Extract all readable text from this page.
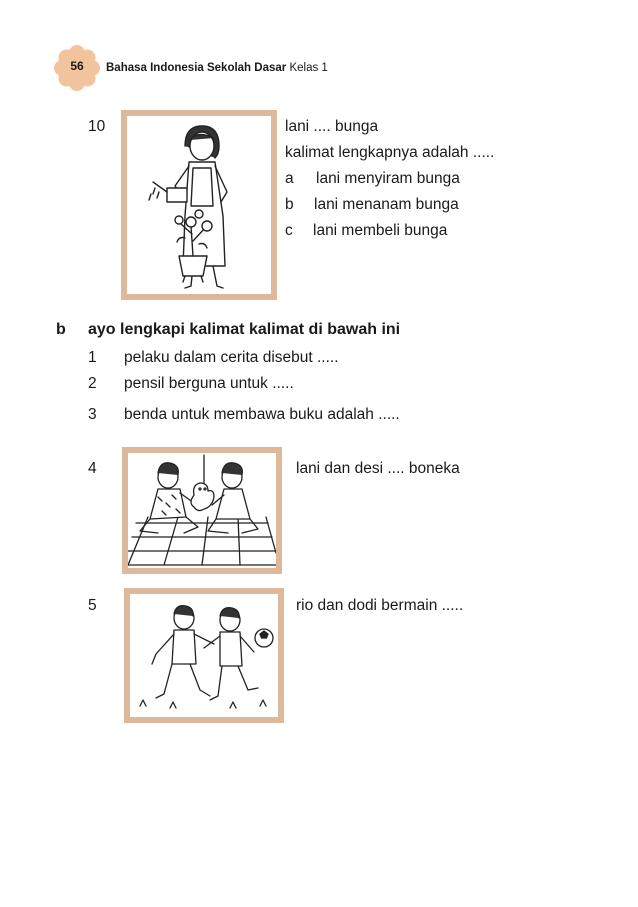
56	Bahasa Indonesia Sekolah Dasar Kelas 1
10	lani .... bunga
kalimat lengkapnya adalah .....
a lani menyiram bunga
b lani menanam bunga
c lani membeli bunga
b ayo lengkapi kalimat kalimat di bawah ini
1 pelaku dalam cerita disebut .....
2 pensil berguna untuk .....
3 benda untuk membawa buku adalah .....
4	lani dan desi .... boneka
5	rio dan dodi bermain .....
